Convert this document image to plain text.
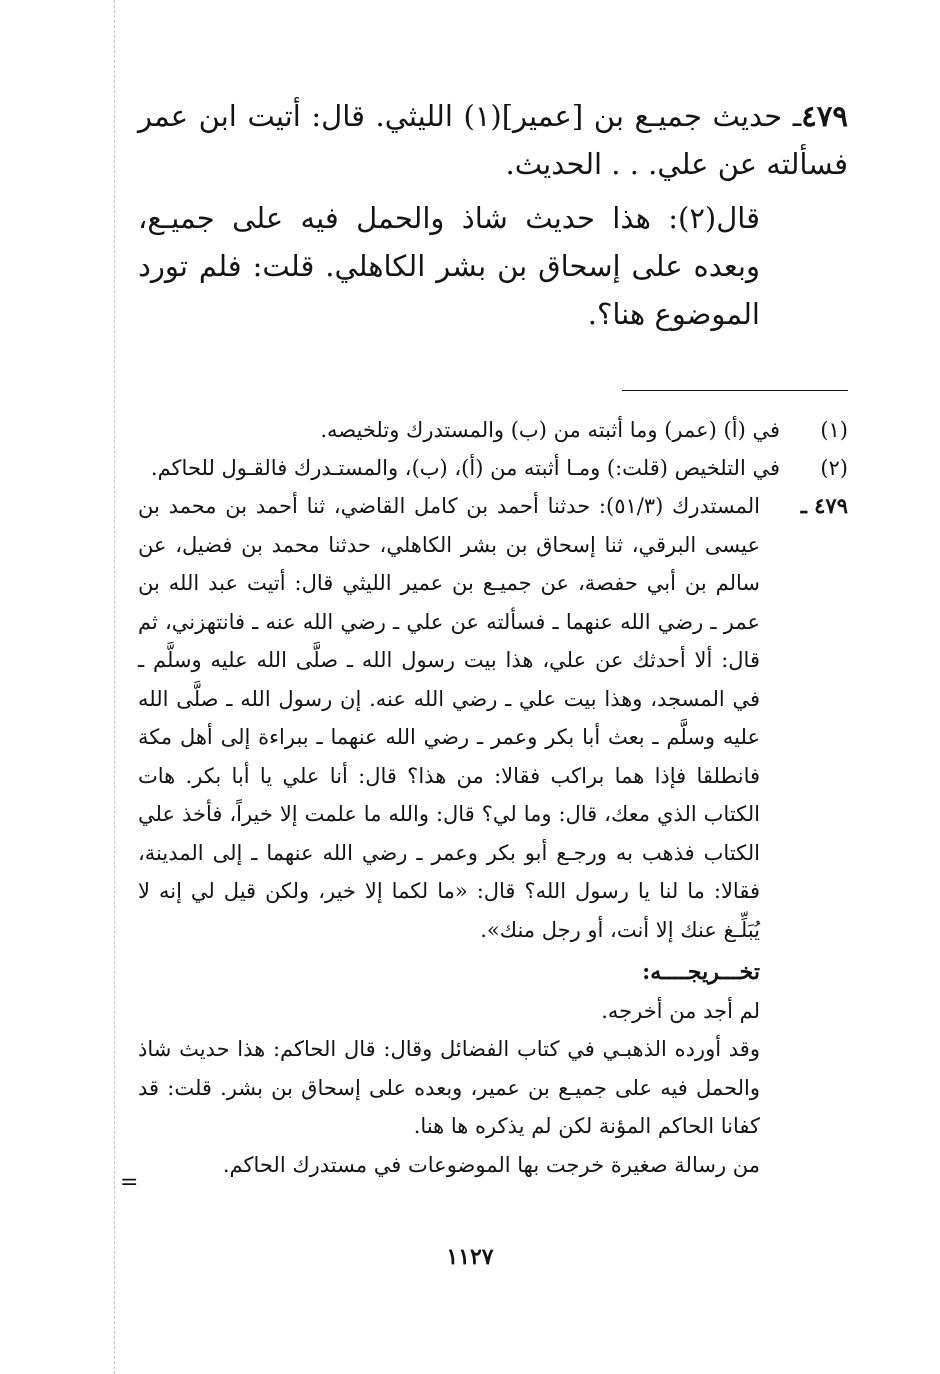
٤٧٩ـ حديث جميـع بن [عمير](١) الليثي. قال: أتيت ابن عمر فسألته عن علي. . . الحديث.

قال(٢): هذا حديث شاذ والحمل فيه على جميـع، وبعده على إسحاق بن بشر الكاهلي. قلت: فلم تورد الموضوع هنا؟.

(١)
في (أ) (عمر) وما أثبته من (ب) والمستدرك وتلخيصه.
(٢)
في التلخيص (قلت:) ومـا أثبته من (أ)، (ب)، والمستـدرك فالقـول للحاكم.
٤٧٩ ـ
المستدرك (٥١/٣): حدثنا أحمد بن كامل القاضي، ثنا أحمد بن محمد بن عيسى البرقي، ثنا إسحاق بن بشر الكاهلي، حدثنا محمد بن فضيل، عن سالم بن أبي حفصة، عن جميـع بن عمير الليثي قال: أتيت عبد الله بن عمر ـ رضي الله عنهما ـ فسألته عن علي ـ رضي الله عنه ـ فانتهزني، ثم قال: ألا أحدثك عن علي، هذا بيت رسول الله ـ صلَّى الله عليه وسلَّم ـ في المسجد، وهذا بيت علي ـ رضي الله عنه. إن رسول الله ـ صلَّى الله عليه وسلَّم ـ بعث أبا بكر وعمر ـ رضي الله عنهما ـ ببراءة إلى أهل مكة فانطلقا فإذا هما براكب فقالا: من هذا؟ قال: أنا علي يا أبا بكر. هات الكتاب الذي معك، قال: وما لي؟ قال: والله ما علمت إلا خيراً، فأخذ علي الكتاب فذهب به ورجـع أبو بكر وعمر ـ رضي الله عنهما ـ إلى المدينة، فقالا: ما لنا يا رسول الله؟ قال: «ما لكما إلا خير، ولكن قيل لي إنه لا يُبَلِّـغ عنك إلا أنت، أو رجل منك».
تخـــريجــــه:
لم أجد من أخرجه.
وقد أورده الذهبـي في كتاب الفضائل وقال: قال الحاكم: هذا حديث شاذ والحمل فيه على جميـع بن عمير، وبعده على إسحاق بن بشر. قلت: قد كفانا الحاكم المؤنة لكن لم يذكره ها هنا.
من رسالة صغيرة خرجت بها الموضوعات في مستدرك الحاكم.
=
١١٢٧
